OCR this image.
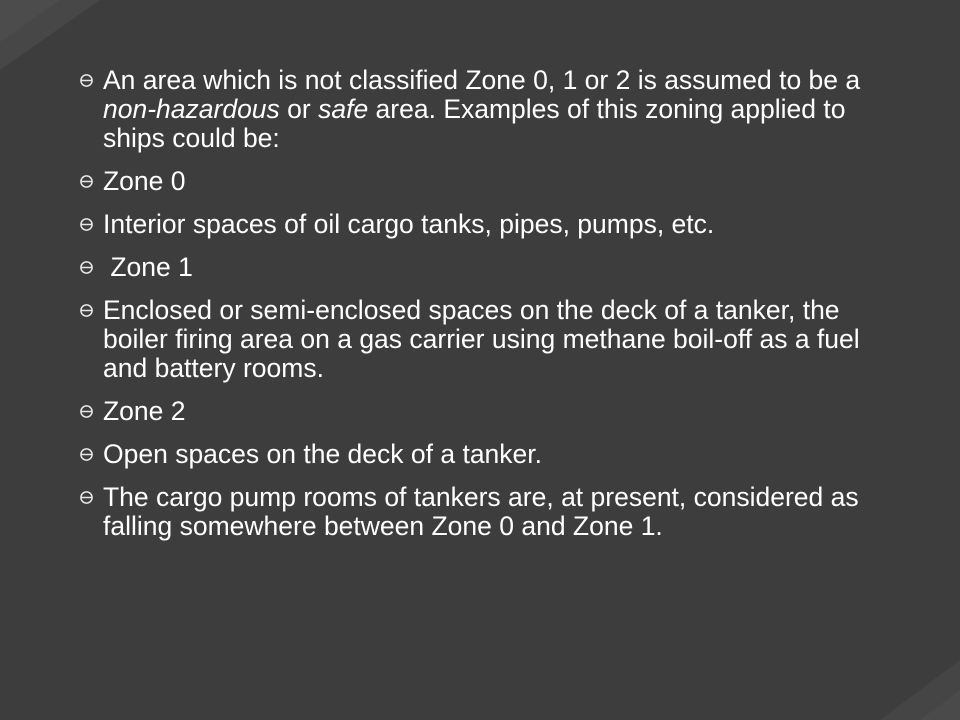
An area which is not classified Zone 0, 1 or 2 is assumed to be a non-hazardous or safe area. Examples of this zoning applied to ships could be:
Zone 0
Interior spaces of oil cargo tanks, pipes, pumps, etc.
Zone 1
Enclosed or semi-enclosed spaces on the deck of a tanker, the boiler firing area on a gas carrier using methane boil-off as a fuel and battery rooms.
Zone 2
Open spaces on the deck of a tanker.
The cargo pump rooms of tankers are, at present, considered as falling somewhere between Zone 0 and Zone 1.
